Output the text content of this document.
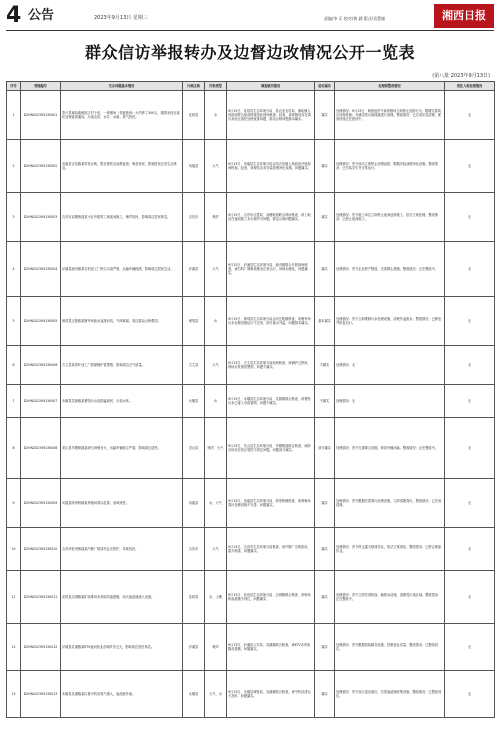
4 公告	2023年9月13日 星期三	责编/李 乐 校对/黄 涵 版式/袁慧娅	湘西日报
群众信访举报转办及边督边改情况公开一览表
(第八批 2023年9月13日)
序号	受理编号	交办问题基本情况	行政区域	污染类型	调查核实情况	是否属实	处理和整改情况	责任人和处理情况
1	D2HN202309130001	泰兴县塞哈镇黄泥江村十组，一养猪场（老板姓杨）大约养了300头，猪粪未经无害化处理直排溪沟，污染农田、水井、水源、臭气扰民。	花垣县	水	9月13日，花垣县生态环境分局、县农业农村局、塞哈镇人民政府联合组成调查组赴现场核查。经查，该养猪场存在粪污未经无害化处理直排问题，群众反映问题基本属实。	属实	处理情况：9月13日，调查组责令该养猪场立即停止直排行为，限期完善粪污处理设施；对溪沟受污染段落进行清理。整改情况：已完成应急清理，配套设施正在建设中。	无
2	D2HN202309130002	凤凰县吉信镇某村民反映，附近餐饮店油烟直排，噪音扰民，影响居民正常生活休息。	凤凰县	大气	9月13日，凤凰县生态环境分局会同吉信镇人民政府开展现场核查。经查，该餐饮店未安装油烟净化设施，问题属实。	属实	处理情况：责令该店立即停止油烟直排，限期安装油烟净化设施。整改情况：已安装完毕并正常运行。	无
3	D2HN202309130003	吉首市双塘街道某小区旁建筑工地夜间施工，噪声扰民，影响周边居民休息。	吉首市	噪声	9月13日，吉首市住建局、双塘街道联合现场核查，该工地存在夜间施工未办理许可问题，群众反映问题属实。	属实	处理情况：责令施工单位立即停止夜间违规施工，依法立案处理。整改情况：已停止夜间施工。	无
4	D2HN202309130004	泸溪县浦市镇某石料加工厂粉尘污染严重，运输车辆抛洒，影响周边居民生活。	泸溪县	大气	9月13日，泸溪县生态环境分局、浦市镇联合开展现场调查，该石料厂喷淋设施未正常运行，场地未硬化，问题属实。	属实	处理情况：责令企业停产整改，完善降尘措施。整改情况：正在整改中。	无
5	D2HN202309130005	保靖县迁陵镇某屠宰场废水直排河沟，气味难闻，周边群众反映强烈。	保靖县	水	9月13日，保靖县生态环境分局会同迁陵镇核查，该屠宰场污水处理设施运行不正常，部分废水外溢，问题基本属实。	基本属实	处理情况：责令立即维修污水处理设施，清理外溢废水。整改情况：已修复并恢复运行。	无
6	D2HN202309130006	古丈县某茶叶加工厂燃煤锅炉冒黑烟，影响周边空气质量。	古丈县	大气	9月13日，古丈县生态环境分局现场核查，该锅炉已停用，现场未发现冒黑烟，问题不属实。	不属实	处理情况：无	无
7	D2HN202309130007	永顺县芙蓉镇某餐馆污水直排猛洞河，污染水体。	永顺县	水	9月13日，永顺县生态环境分局、芙蓉镇联合核查，该餐馆污水已接入市政管网，问题不属实。	不属实	处理情况：无	无
8	D2HN202309130008	龙山县华塘街道某砂石场噪音大，运输车辆扬尘严重，影响周边居民。	龙山县	噪声、大气	9月13日，龙山县生态环境分局、华塘街道联合核查，该砂石场存在扬尘管控不到位问题，问题部分属实。	部分属实	处理情况：责令完善降尘设施，规范车辆运输。整改情况：正在整改中。	无
9	D2HN202309130009	凤凰县廖家桥镇某养殖场粪污乱排，臭味扰民。	凤凰县	水、大气	9月13日，凤凰县生态环境分局、廖家桥镇核查，该养殖场粪污处理设施不完善，问题属实。	属实	处理情况：责令限期完善粪污处理设施，立即清理粪污。整改情况：已完成清理。	无
10	D2HN202309130010	吉首市乾州街道某汽修厂喷漆作业无防护，异味扰民。	吉首市	大气	9月13日，吉首市生态环境分局核查，该汽修厂无喷漆房，露天喷漆，问题属实。	属实	处理情况：责令停止露天喷漆作业，依法立案查处。整改情况：已停止喷漆作业。	无
11	D2HN202309130011	花垣县边城镇某矿渣堆场未采取防渗措施，雨天渗滤液流入河道。	花垣县	水、土壤	9月13日，花垣县生态环境分局、边城镇联合核查，该堆场防渗措施不到位，问题属实。	属实	处理情况：责令立即完善防渗、截排水设施，清理受污染区域。整改情况：正在整改中。	无
12	D2HN202309130012	泸溪县武溪镇某KTV夜间营业音响声音过大，影响周边居民休息。	泸溪县	噪声	9月13日，泸溪县公安局、武溪镇联合核查，该KTV未采取隔音措施，问题属实。	属实	处理情况：责令限期加装隔音设施，控制营业音量。整改情况：已整改到位。	无
13	D2HN202309130013	永顺县灵溪镇某垃圾中转站臭气熏人，渗滤液外流。	永顺县	大气、水	9月13日，永顺县城管局、灵溪镇联合核查，该中转站清运不及时，问题属实。	属实	处理情况：责令加大清运频次，完善渗滤液收集设施。整改情况：已整改到位。	无
